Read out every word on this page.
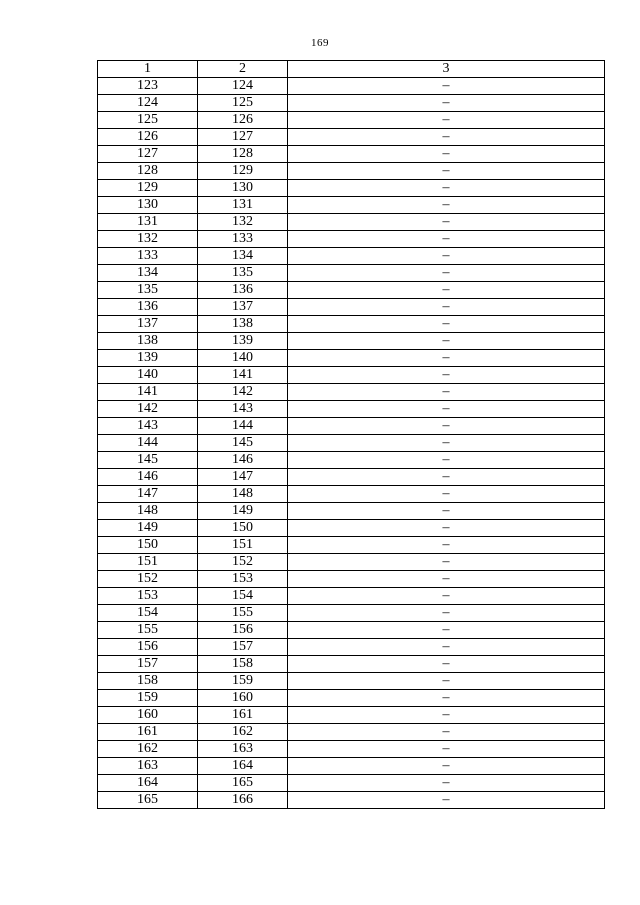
169
1	2	3
123	124	–
124	125	–
125	126	–
126	127	–
127	128	–
128	129	–
129	130	–
130	131	–
131	132	–
132	133	–
133	134	–
134	135	–
135	136	–
136	137	–
137	138	–
138	139	–
139	140	–
140	141	–
141	142	–
142	143	–
143	144	–
144	145	–
145	146	–
146	147	–
147	148	–
148	149	–
149	150	–
150	151	–
151	152	–
152	153	–
153	154	–
154	155	–
155	156	–
156	157	–
157	158	–
158	159	–
159	160	–
160	161	–
161	162	–
162	163	–
163	164	–
164	165	–
165	166	–
